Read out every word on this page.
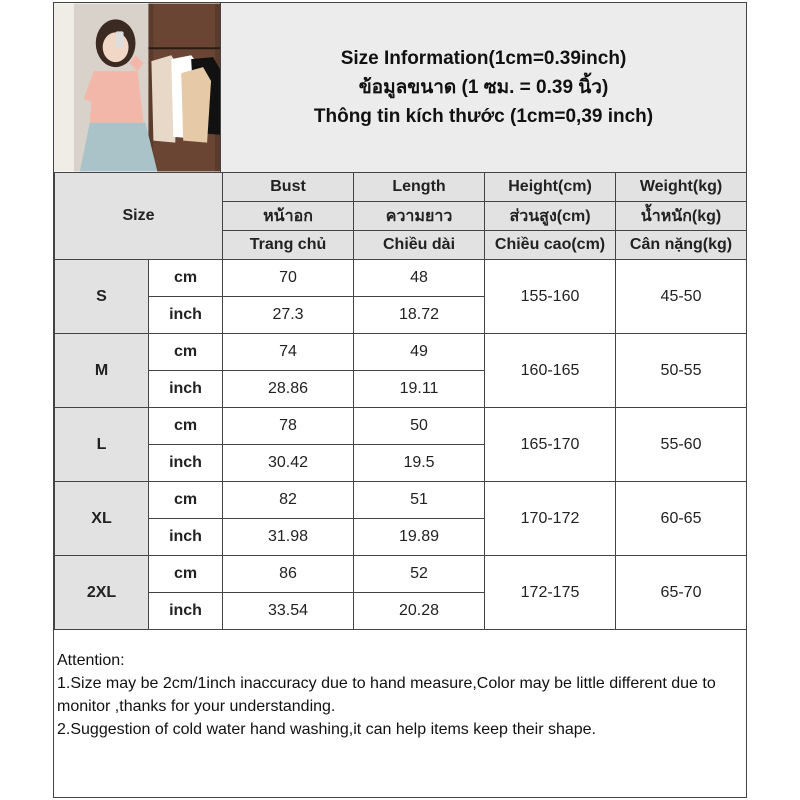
Size Information(1cm=0.39inch)
ข้อมูลขนาด (1 ซม. = 0.39 นิ้ว)
Thông tin kích thước (1cm=0,39 inch)
Size		Bust	Length	Height(cm)	Weight(kg)
		หน้าอก	ความยาว	ส่วนสูง(cm)	น้ำหนัก(kg)
		Trang chủ	Chiều dài	Chiều cao(cm)	Cân nặng(kg)
S	cm	70	48	155-160	45-50
	inch	27.3	18.72		
M	cm	74	49	160-165	50-55
	inch	28.86	19.11		
L	cm	78	50	165-170	55-60
	inch	30.42	19.5		
XL	cm	82	51	170-172	60-65
	inch	31.98	19.89		
2XL	cm	86	52	172-175	65-70
	inch	33.54	20.28		
Attention:
1.Size may be 2cm/1inch inaccuracy due to hand measure,Color may be little different due to monitor ,thanks for your understanding.
2.Suggestion of cold water hand washing,it can help items keep their shape.
